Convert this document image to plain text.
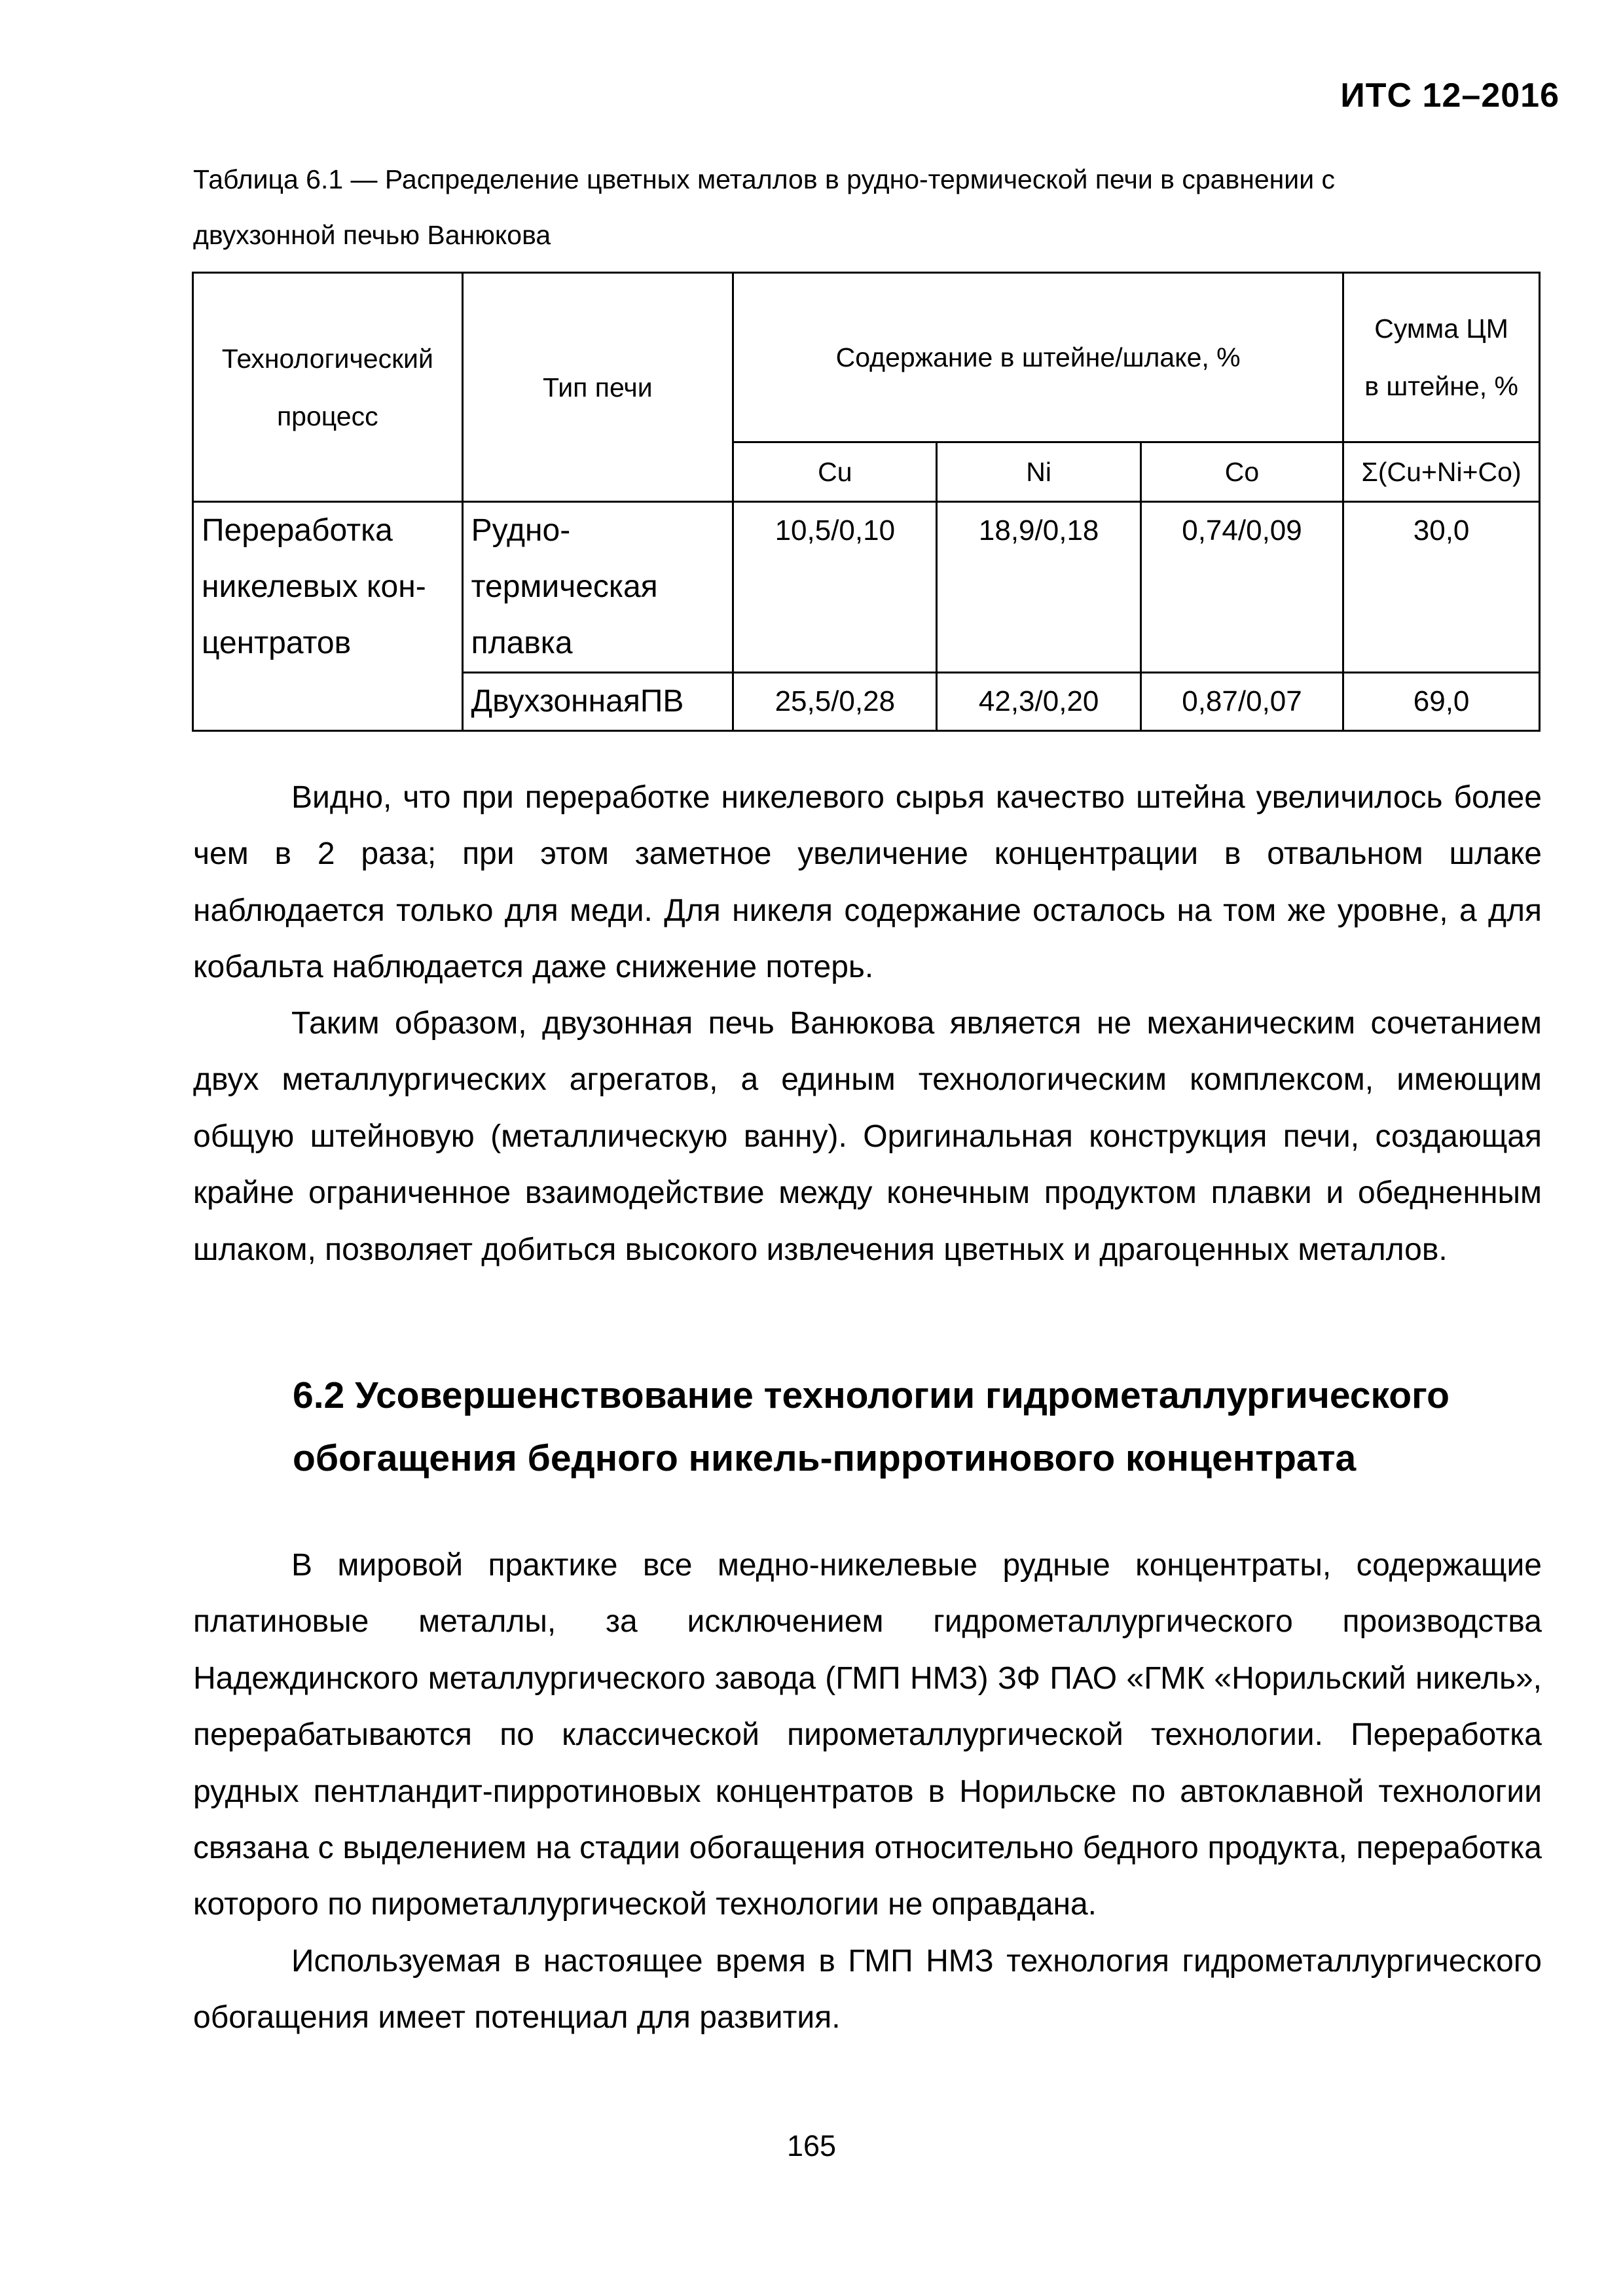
ИТС 12–2016
Таблица 6.1 — Распределение цветных металлов в рудно-термической печи в сравнении с двухзонной печью Ванюкова
Технологический процесс	Тип печи	Содержание в штейне/шлаке, %			Сумма ЦМ в штейне, %
		Cu	Ni	Co	Σ(Cu+Ni+Co)
Переработка никелевых кон-центратов	Рудно-термическая плавка	10,5/0,10	18,9/0,18	0,74/0,09	30,0
	ДвухзоннаяПВ	25,5/0,28	42,3/0,20	0,87/0,07	69,0

Видно, что при переработке никелевого сырья качество штейна увеличилось более чем в 2 раза; при этом заметное увеличение концентрации в отвальном шлаке наблюдается только для меди. Для никеля содержание осталось на том же уровне, а для кобальта наблюдается даже снижение потерь.

Таким образом, двузонная печь Ванюкова является не механическим сочетанием двух металлургических агрегатов, а единым технологическим комплексом, имеющим общую штейновую (металлическую ванну). Оригинальная конструкция печи, создающая крайне ограниченное взаимодействие между конечным продуктом плавки и обедненным шлаком, позволяет добиться высокого извлечения цветных и драгоценных металлов.

6.2 Усовершенствование технологии гидрометаллургического обогащения бедного никель-пирротинового концентрата

В мировой практике все медно-никелевые рудные концентраты, содержащие платиновые металлы, за исключением гидрометаллургического производства Надеждинского металлургического завода (ГМП НМЗ) ЗФ ПАО «ГМК «Норильский никель», перерабатываются по классической пирометаллургической технологии. Переработка рудных пентландит-пирротиновых концентратов в Норильске по автоклавной технологии связана с выделением на стадии обогащения относительно бедного продукта, переработка которого по пирометаллургической технологии не оправдана.

Используемая в настоящее время в ГМП НМЗ технология гидрометаллургического обогащения имеет потенциал для развития.

165
